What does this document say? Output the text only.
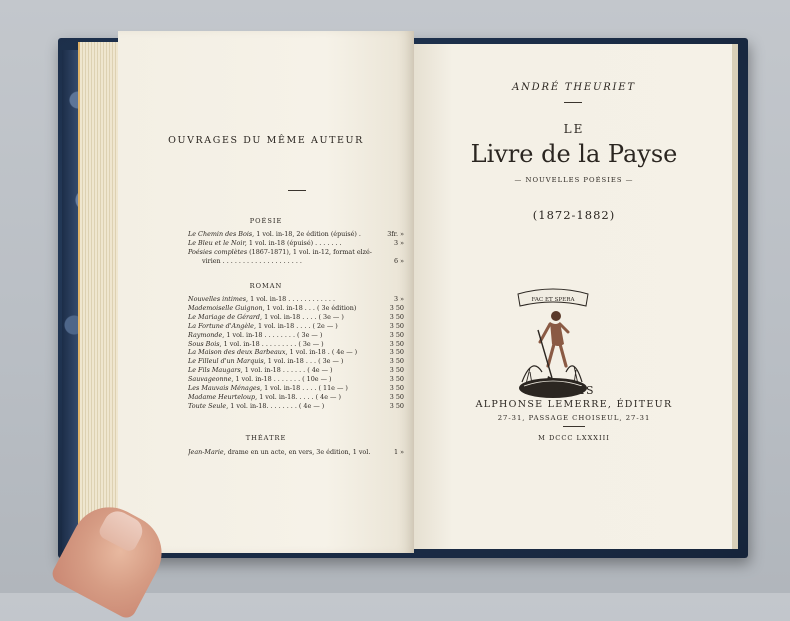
OUVRAGES DU MÊME AUTEUR
POÉSIE
ROMAN
THÉATRE
Le Chemin des Bois, 1 vol. in-18, 2e édition (épuisé) .	3fr. »
Le Bleu et le Noir, 1 vol. in-18 (épuisé) . . . . . . .	3 »
Poésies complètes (1867-1871), 1 vol. in-12, format elzé-
virien . . . . . . . . . . . . . . . . . . . .	6 »
Nouvelles intimes, 1 vol. in-18 . . . . . . . . . . . .	3 »
Mademoiselle Guignon, 1 vol. in-18 . . . ( 3e édition)	3 50
Le Mariage de Gérard, 1 vol. in-18 . . . . ( 3e — )	3 50
La Fortune d'Angèle, 1 vol. in-18 . . . . ( 2e — )	3 50
Raymonde, 1 vol. in-18 . . . . . . . . ( 3e — )	3 50
Sous Bois, 1 vol. in-18 . . . . . . . . . ( 3e — )	3 50
La Maison des deux Barbeaux, 1 vol. in-18 . ( 4e — )	3 50
Le Filleul d'un Marquis, 1 vol. in-18 . . . ( 3e — )	3 50
Le Fils Maugars, 1 vol. in-18 . . . . . . ( 4e — )	3 50
Sauvageonne, 1 vol. in-18 . . . . . . . ( 10e — )	3 50
Les Mauvais Ménages, 1 vol. in-18 . . . . ( 11e — )	3 50
Madame Heurteloup, 1 vol. in-18. . . . . ( 4e — )	3 50
Toute Seule, 1 vol. in-18. . . . . . . . ( 4e — )	3 50
Jean-Marie, drame en un acte, en vers, 3e édition, 1 vol.	1 »
ANDRÉ THEURIET
LE
Livre de la Payse
— NOUVELLES POÉSIES —
(1872-1882)
FAC ET SPERA
PARIS
ALPHONSE LEMERRE, ÉDITEUR
27-31, PASSAGE CHOISEUL, 27-31
M DCCC LXXXIII
